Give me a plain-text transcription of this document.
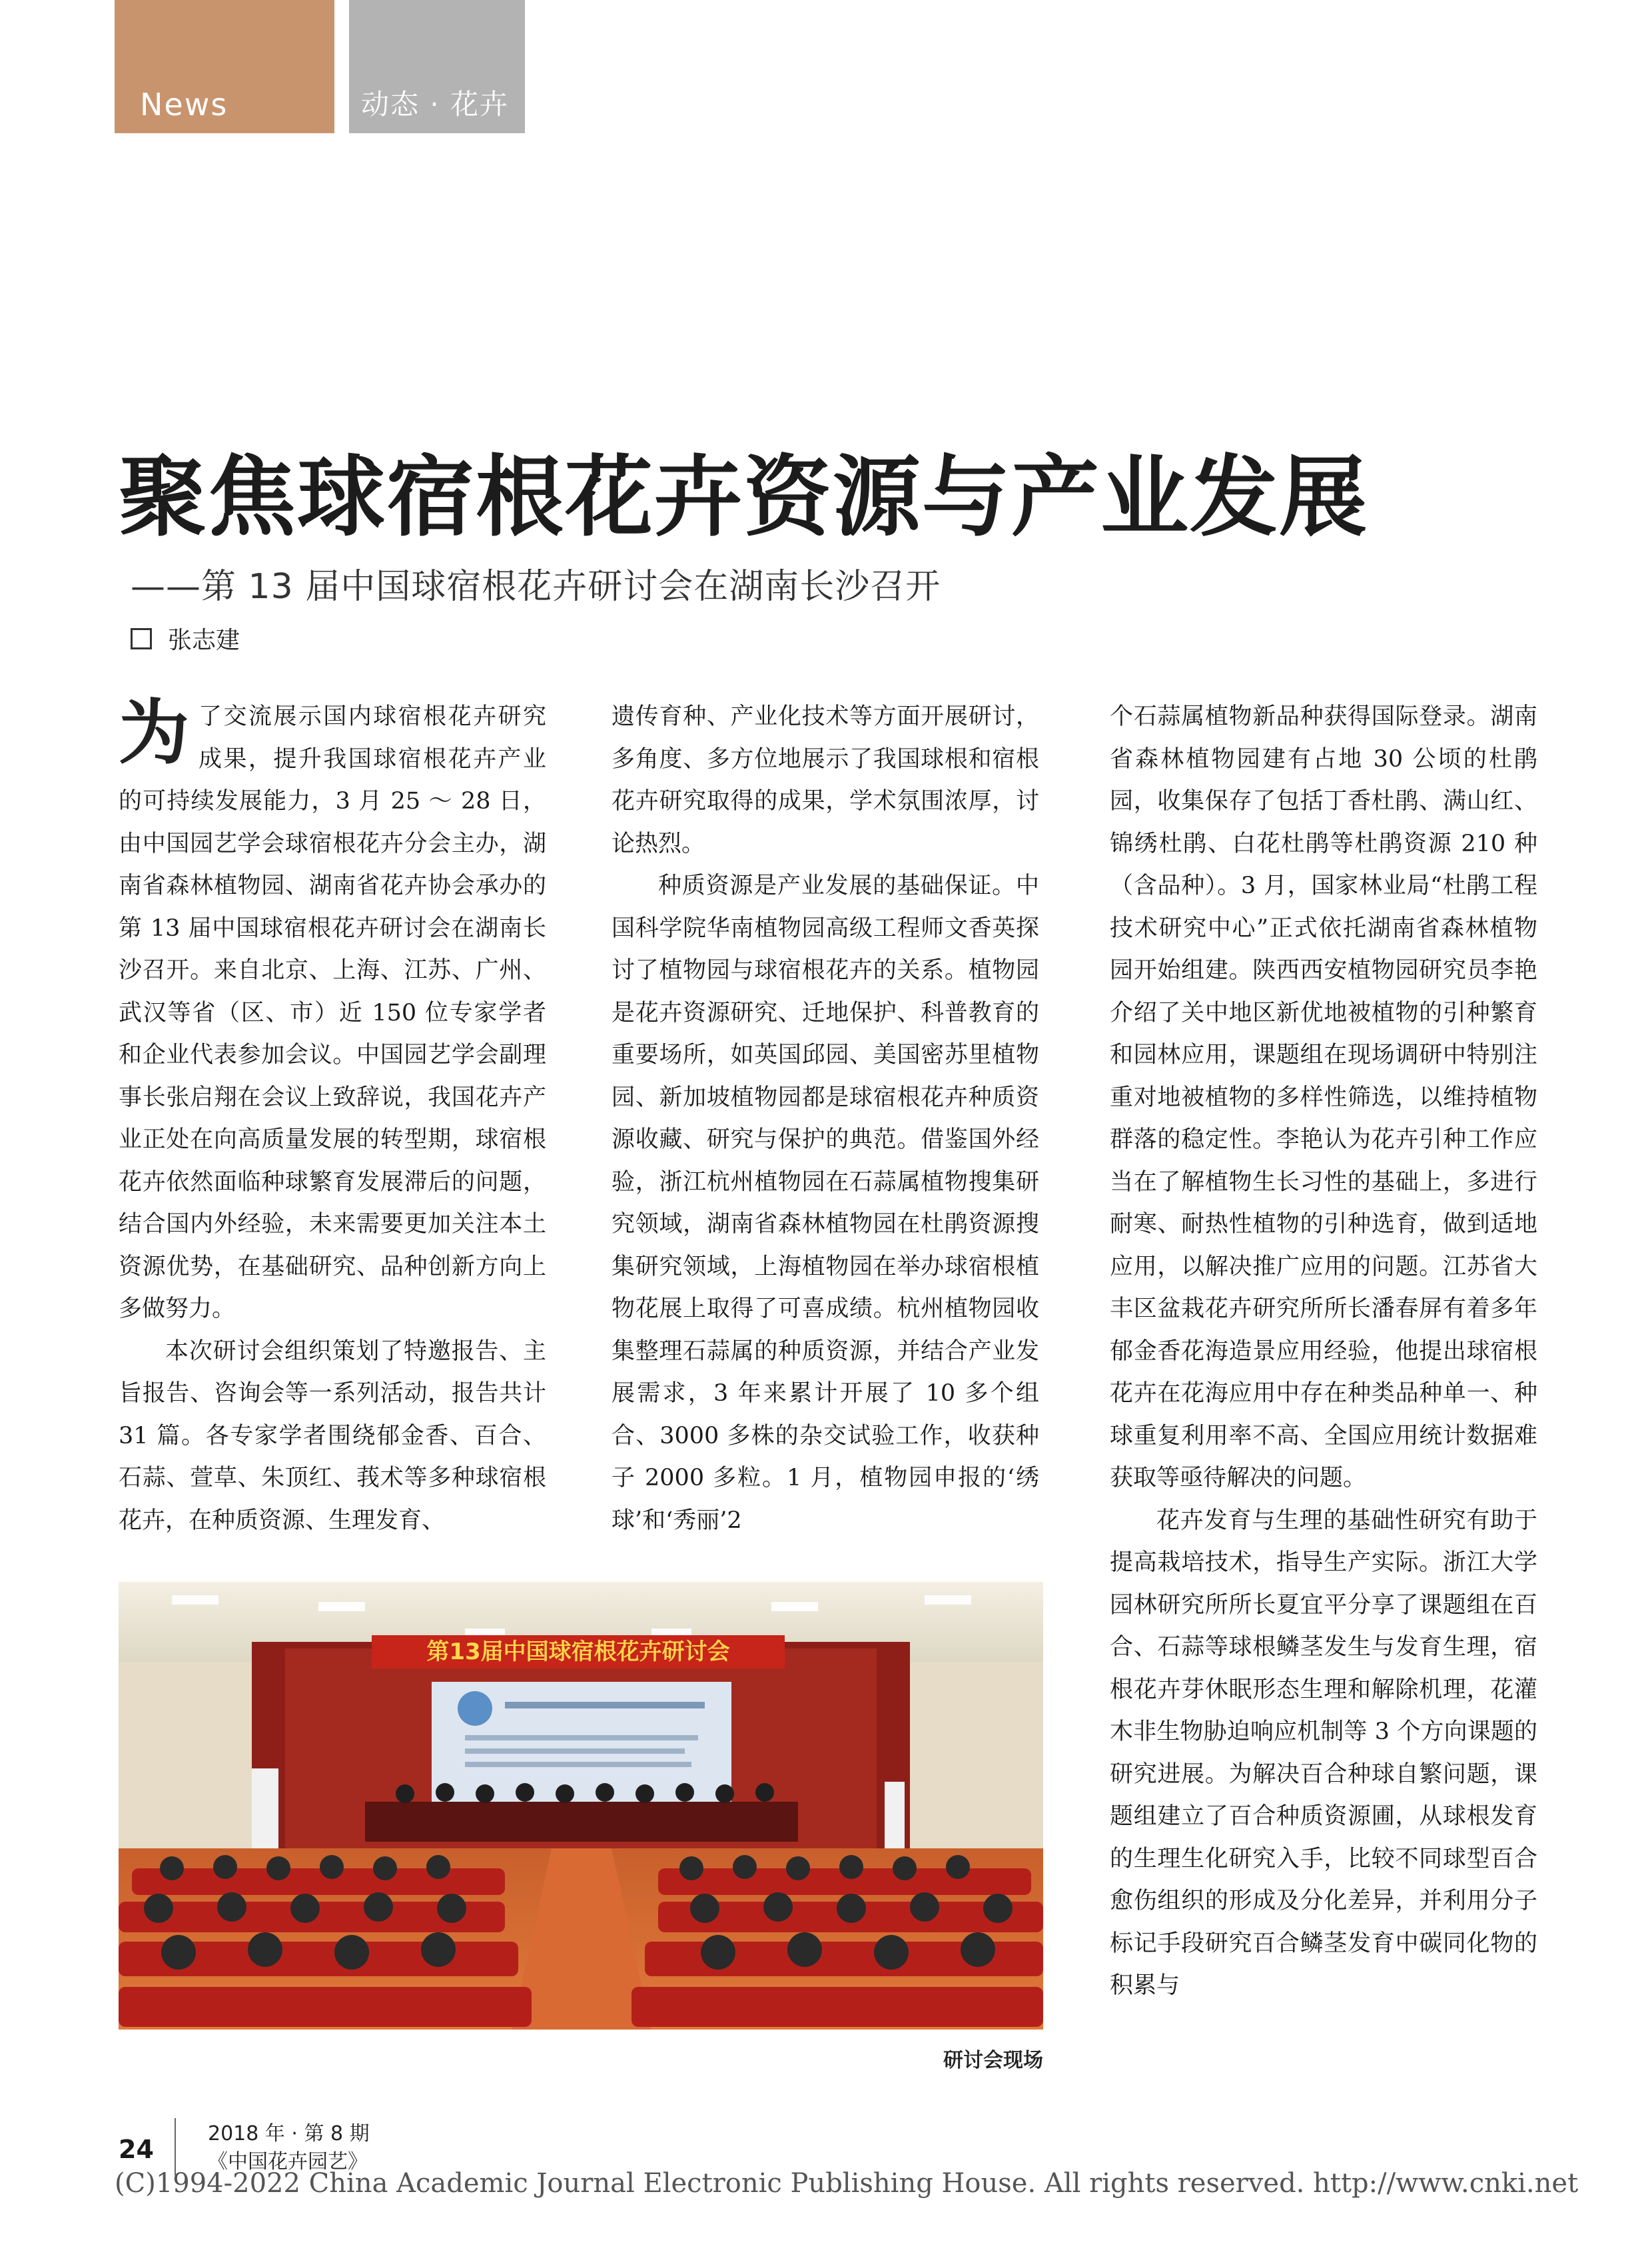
News	动态 · 花卉
聚焦球宿根花卉资源与产业发展
——第 13 届中国球宿根花卉研讨会在湖南长沙召开
张志建

为了交流展示国内球宿根花卉研究成果，提升我国球宿根花卉产业的可持续发展能力，3 月 25 ～ 28 日，由中国园艺学会球宿根花卉分会主办，湖南省森林植物园、湖南省花卉协会承办的第 13 届中国球宿根花卉研讨会在湖南长沙召开。来自北京、上海、江苏、广州、武汉等省（区、市）近 150 位专家学者和企业代表参加会议。中国园艺学会副理事长张启翔在会议上致辞说，我国花卉产业正处在向高质量发展的转型期，球宿根花卉依然面临种球繁育发展滞后的问题，结合国内外经验，未来需要更加关注本土资源优势，在基础研究、品种创新方向上多做努力。

本次研讨会组织策划了特邀报告、主旨报告、咨询会等一系列活动，报告共计 31 篇。各专家学者围绕郁金香、百合、石蒜、萱草、朱顶红、莪术等多种球宿根花卉，在种质资源、生理发育、

遗传育种、产业化技术等方面开展研讨，多角度、多方位地展示了我国球根和宿根花卉研究取得的成果，学术氛围浓厚，讨论热烈。

种质资源是产业发展的基础保证。中国科学院华南植物园高级工程师文香英探讨了植物园与球宿根花卉的关系。植物园是花卉资源研究、迁地保护、科普教育的重要场所，如英国邱园、美国密苏里植物园、新加坡植物园都是球宿根花卉种质资源收藏、研究与保护的典范。借鉴国外经验，浙江杭州植物园在石蒜属植物搜集研究领域，湖南省森林植物园在杜鹃资源搜集研究领域，上海植物园在举办球宿根植物花展上取得了可喜成绩。杭州植物园收集整理石蒜属的种质资源，并结合产业发展需求，3 年来累计开展了 10 多个组合、3000 多株的杂交试验工作，收获种子 2000 多粒。1 月，植物园申报的‘绣球’和‘秀丽’2

个石蒜属植物新品种获得国际登录。湖南省森林植物园建有占地 30 公顷的杜鹃园，收集保存了包括丁香杜鹃、满山红、锦绣杜鹃、白花杜鹃等杜鹃资源 210 种（含品种）。3 月，国家林业局“杜鹃工程技术研究中心”正式依托湖南省森林植物园开始组建。陕西西安植物园研究员李艳介绍了关中地区新优地被植物的引种繁育和园林应用，课题组在现场调研中特别注重对地被植物的多样性筛选，以维持植物群落的稳定性。李艳认为花卉引种工作应当在了解植物生长习性的基础上，多进行耐寒、耐热性植物的引种选育，做到适地应用，以解决推广应用的问题。江苏省大丰区盆栽花卉研究所所长潘春屏有着多年郁金香花海造景应用经验，他提出球宿根花卉在花海应用中存在种类品种单一、种球重复利用率不高、全国应用统计数据难获取等亟待解决的问题。

花卉发育与生理的基础性研究有助于提高栽培技术，指导生产实际。浙江大学园林研究所所长夏宜平分享了课题组在百合、石蒜等球根鳞茎发生与发育生理，宿根花卉芽休眠形态生理和解除机理，花灌木非生物胁迫响应机制等 3 个方向课题的研究进展。为解决百合种球自繁问题，课题组建立了百合种质资源圃，从球根发育的生理生化研究入手，比较不同球型百合愈伤组织的形成及分化差异，并利用分子标记手段研究百合鳞茎发育中碳同化物的积累与

第13届中国球宿根花卉研讨会
研讨会现场
24
2018 年 · 第 8 期
《中国花卉园艺》
(C)1994-2022 China Academic Journal Electronic Publishing House. All rights reserved. http://www.cnki.net
